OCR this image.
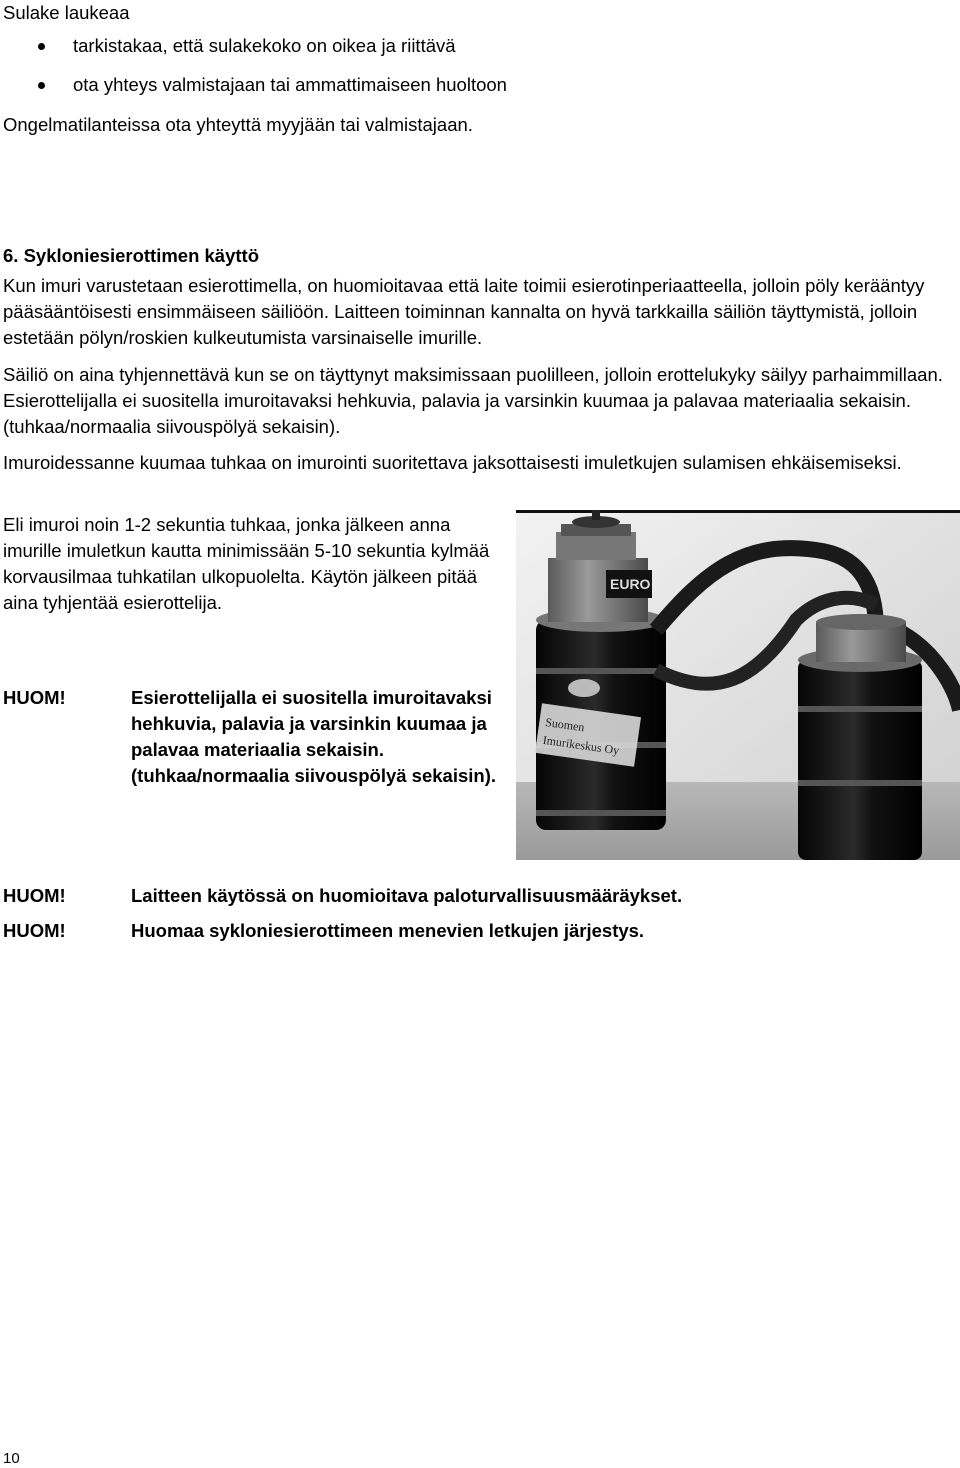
Sulake laukeaa
tarkistakaa, että sulakekoko on oikea ja riittävä
ota yhteys valmistajaan tai ammattimaiseen huoltoon
Ongelmatilanteissa ota yhteyttä myyjään tai valmistajaan.
6. Sykloniesierottimen käyttö

Kun imuri varustetaan esierottimella, on huomioitavaa että laite toimii esierotinperiaatteella, jolloin pöly kerääntyy pääsääntöisesti ensimmäiseen säiliöön. Laitteen toiminnan kannalta on hyvä tarkkailla säiliön täyttymistä, jolloin estetään pölyn/roskien kulkeutumista varsinaiselle imurille.

Säiliö on aina tyhjennettävä kun se on täyttynyt maksimissaan puolilleen, jolloin erottelukyky säilyy parhaimmillaan. Esierottelijalla ei suositella imuroitavaksi hehkuvia, palavia ja varsinkin kuumaa ja palavaa materiaalia sekaisin. (tuhkaa/normaalia siivouspölyä sekaisin).

Imuroidessanne kuumaa tuhkaa on imurointi suoritettava jaksottaisesti imuletkujen sulamisen ehkäisemiseksi.

Eli imuroi noin 1-2 sekuntia tuhkaa, jonka jälkeen anna imurille imuletkun kautta minimissään 5-10 sekuntia kylmää korvausilmaa tuhkatilan ulkopuolelta. Käytön jälkeen pitää aina tyhjentää esierottelija.

EURO
Suomen
Imurikeskus Oy
HUOM!	Esierottelijalla ei suositella imuroitavaksi hehkuvia, palavia ja varsinkin kuumaa ja palavaa materiaalia sekaisin. (tuhkaa/normaalia siivouspölyä sekaisin).
HUOM!	Laitteen käytössä on huomioitava paloturvallisuusmääräykset.
HUOM!	Huomaa sykloniesierottimeen menevien letkujen järjestys.
10
